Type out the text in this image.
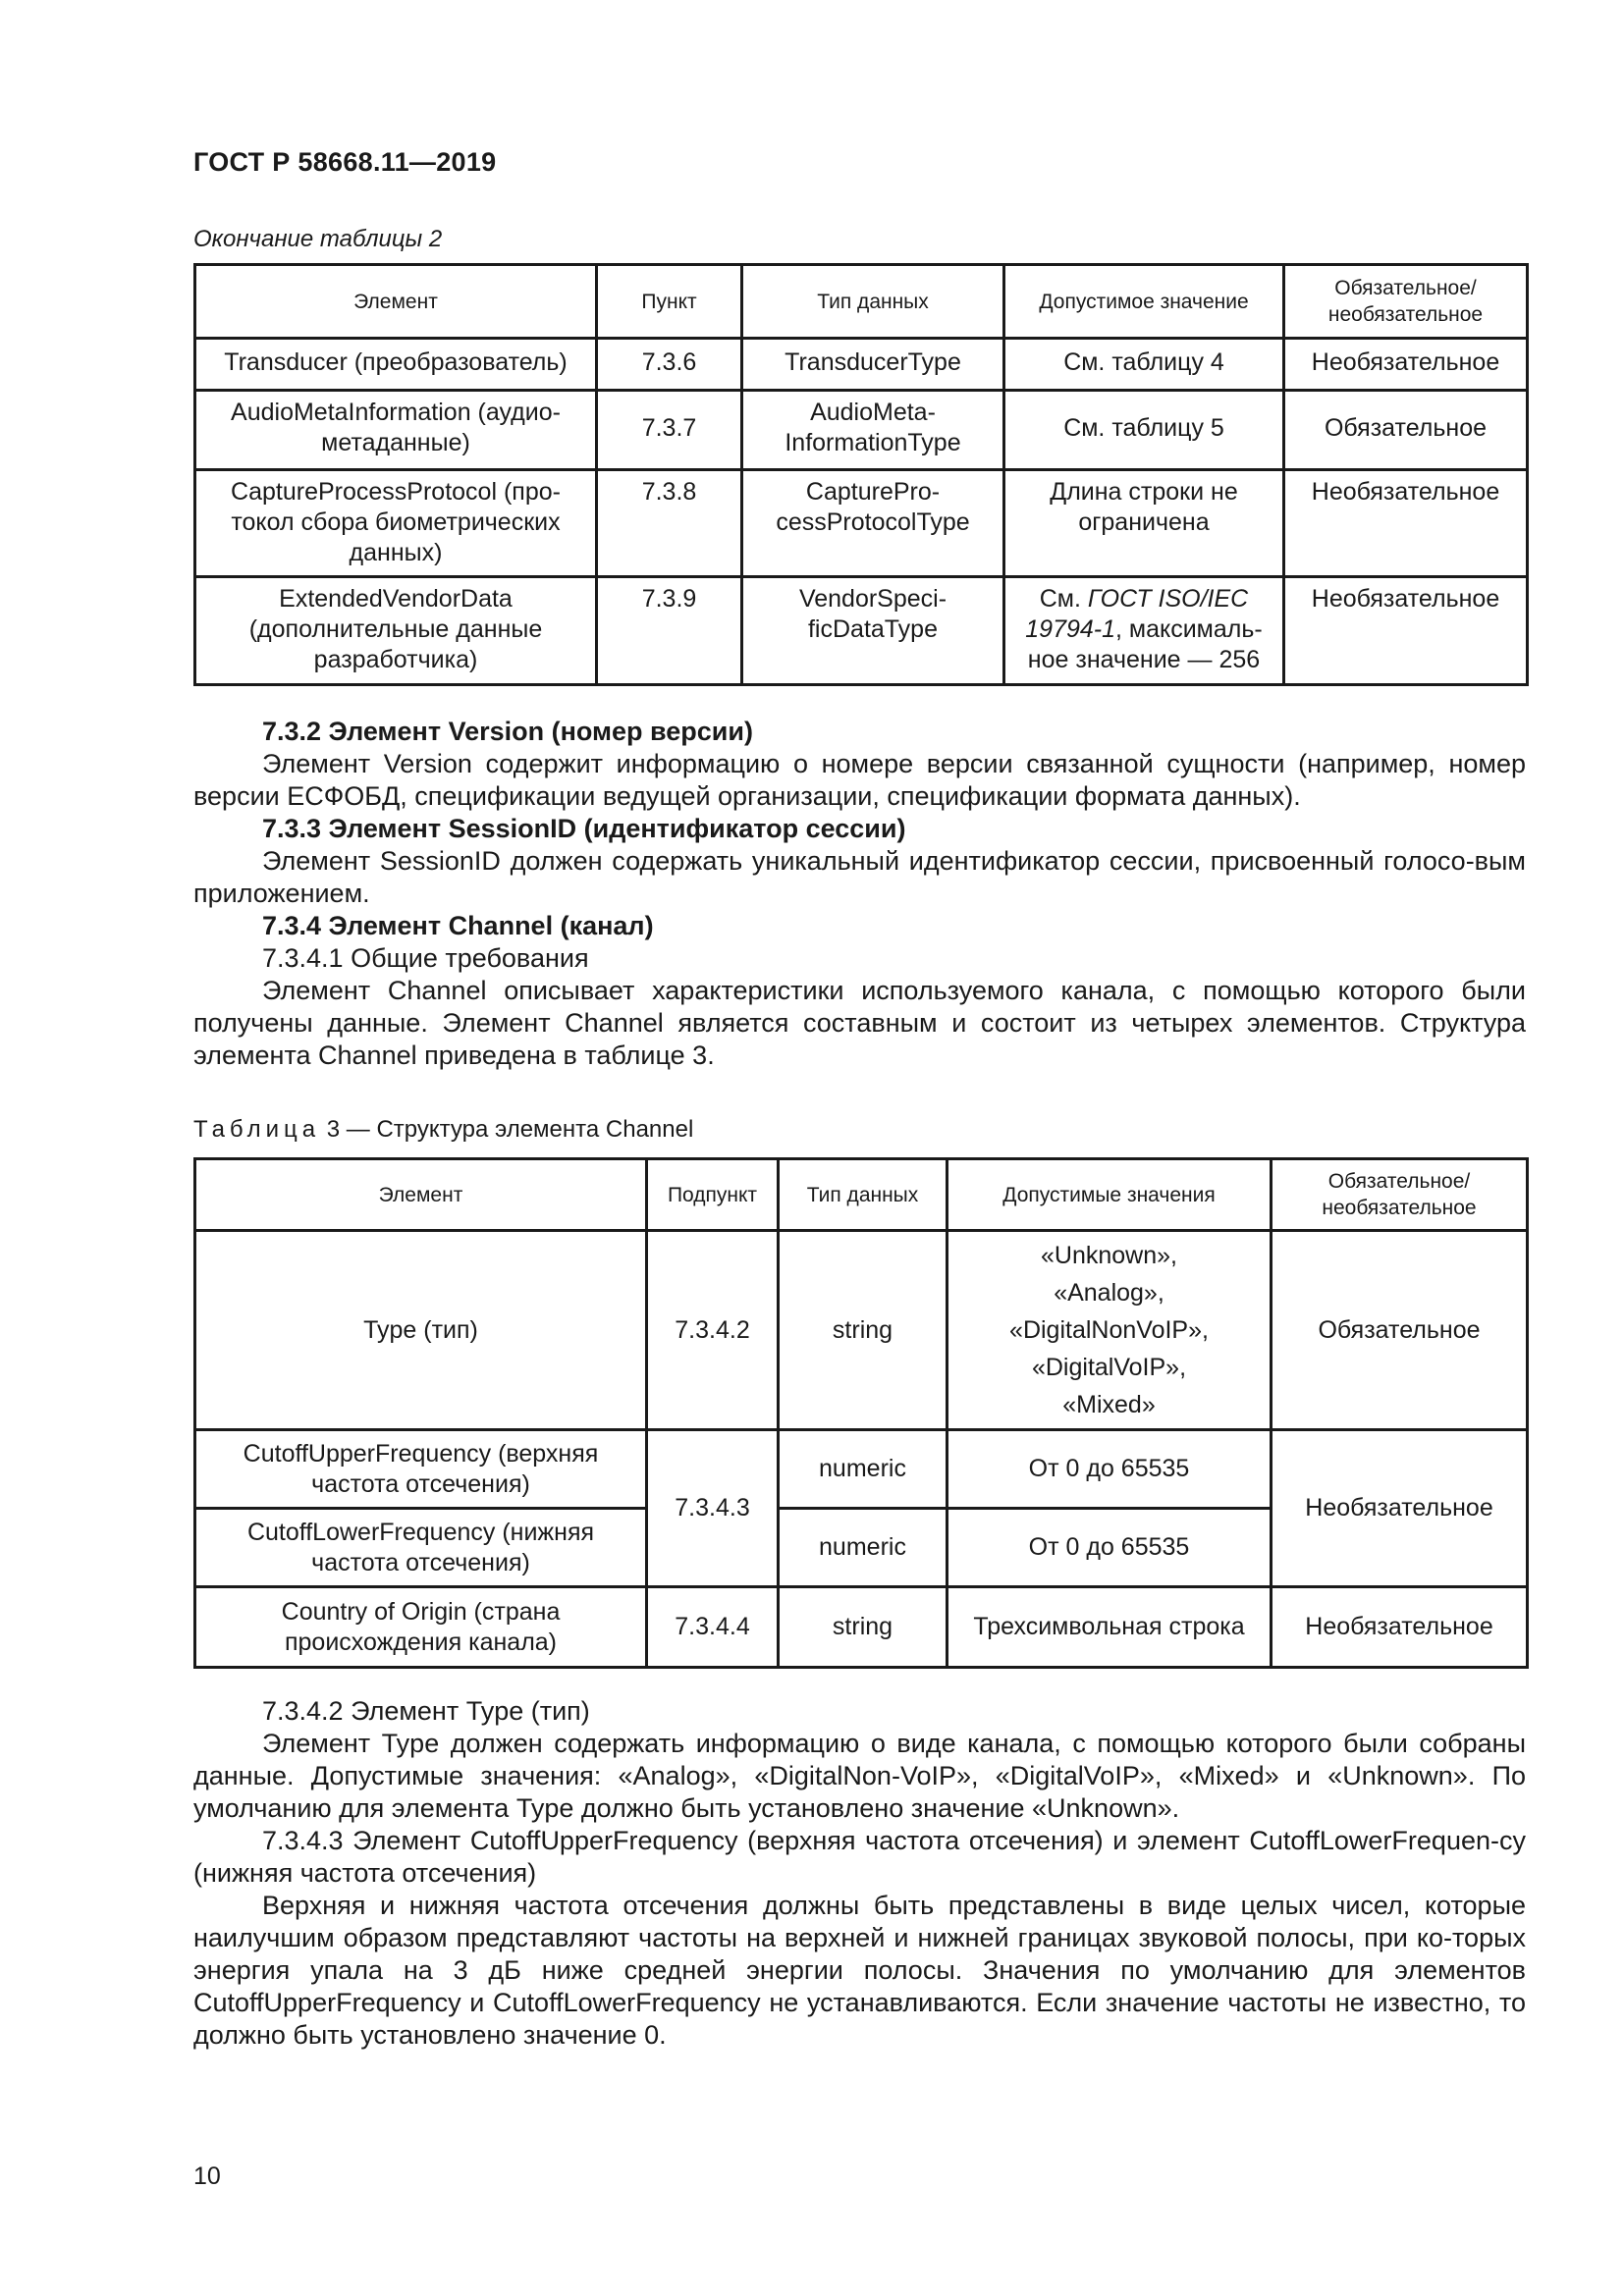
ГОСТ Р 58668.11—2019
Окончание таблицы 2
Элемент	Пункт	Тип данных	Допустимое значение	Обязательное/ необязательное
Transducer (преобразователь)	7.3.6	TransducerType	См. таблицу 4	Необязательное
AudioMetaInformation (аудио-метаданные)	7.3.7	AudioMeta-InformationType	См. таблицу 5	Обязательное
CaptureProcessProtocol (про-токол сбора биометрических данных)	7.3.8	CapturePro-cessProtocolType	Длина строки не ограничена	Необязательное
ExtendedVendorData (дополнительные данные разработчика)	7.3.9	VendorSpeci-ficDataType	См. ГОСТ ISO/IEC 19794-1, максималь-ное значение — 256	Необязательное

7.3.2 Элемент Version (номер версии)

Элемент Version содержит информацию о номере версии связанной сущности (например, номер версии ЕСФОБД, спецификации ведущей организации, спецификации формата данных).

7.3.3 Элемент SessionID (идентификатор сессии)

Элемент SessionID должен содержать уникальный идентификатор сессии, присвоенный голосо-вым приложением.

7.3.4 Элемент Channel (канал)

7.3.4.1 Общие требования

Элемент Channel описывает характеристики используемого канала, с помощью которого были получены данные. Элемент Channel является составным и состоит из четырех элементов. Структура элемента Channel приведена в таблице 3.

Таблица 3 — Структура элемента Channel
Элемент	Подпункт	Тип данных	Допустимые значения	Обязательное/ необязательное
Type (тип)	7.3.4.2	string	«Unknown»,
«Analog»,
«DigitalNonVoIP»,
«DigitalVoIP»,
«Mixed»	Обязательное
CutoffUpperFrequency (верхняя частота отсечения)	7.3.4.3	numeric	От 0 до 65535	Необязательное
CutoffLowerFrequency (нижняя частота отсечения)		numeric	От 0 до 65535	
Country of Origin (страна происхождения канала)	7.3.4.4	string	Трехсимвольная строка	Необязательное

7.3.4.2 Элемент Type (тип)

Элемент Type должен содержать информацию о виде канала, с помощью которого были собраны данные. Допустимые значения: «Analog», «DigitalNon-VoIP», «DigitalVoIP», «Mixed» и «Unknown». По умолчанию для элемента Type должно быть установлено значение «Unknown».

7.3.4.3 Элемент CutoffUpperFrequency (верхняя частота отсечения) и элемент CutoffLowerFrequen-cy (нижняя частота отсечения)

Верхняя и нижняя частота отсечения должны быть представлены в виде целых чисел, которые наилучшим образом представляют частоты на верхней и нижней границах звуковой полосы, при ко-торых энергия упала на 3 дБ ниже средней энергии полосы. Значения по умолчанию для элементов CutoffUpperFrequency и CutoffLowerFrequency не устанавливаются. Если значение частоты не известно, то должно быть установлено значение 0.

10
